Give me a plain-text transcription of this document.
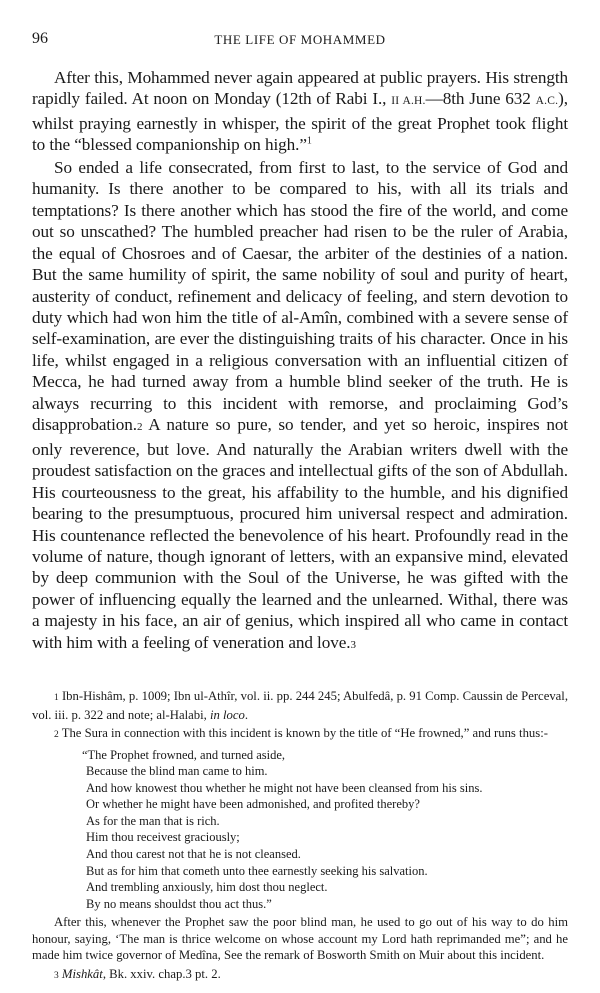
96	THE LIFE OF MOHAMMED

After this, Mohammed never again appeared at public prayers. His strength rapidly failed. At noon on Monday (12th of Rabi I., II A.H.—8th June 632 A.C.), whilst praying earnestly in whisper, the spirit of the great Prophet took flight to the “blessed companionship on high.”$^1$

So ended a life consecrated, from first to last, to the service of God and humanity. Is there another to be compared to his, with all its trials and temptations? Is there another which has stood the fire of the world, and come out so unscathed? The humbled preacher had risen to be the ruler of Arabia, the equal of Chosroes and of Caesar, the arbiter of the destinies of a nation. But the same humility of spirit, the same nobility of soul and purity of heart, austerity of conduct, refinement and delicacy of feeling, and stern devotion to duty which had won him the title of al-Amîn, combined with a severe sense of self-examination, are ever the distinguishing traits of his character. Once in his life, whilst engaged in a religious conversation with an influential citizen of Mecca, he had turned away from a humble blind seeker of the truth. He is always recurring to this incident with remorse, and proclaiming God’s disapprobation.2 A nature so pure, so tender, and yet so heroic, inspires not only reverence, but love. And naturally the Arabian writers dwell with the proudest satisfaction on the graces and intellectual gifts of the son of Abdullah. His courteousness to the great, his affability to the humble, and his dignified bearing to the presumptuous, procured him universal respect and admiration. His countenance reflected the benevolence of his heart. Profoundly read in the volume of nature, though ignorant of letters, with an expansive mind, elevated by deep communion with the Soul of the Universe, he was gifted with the power of influencing equally the learned and the unlearned. Withal, there was a majesty in his face, an air of genius, which inspired all who came in contact with him with a feeling of veneration and love.3

1 Ibn-Hishâm, p. 1009; Ibn ul-Athîr, vol. ii. pp. 244 245; Abulfedâ, p. 91 Comp. Caussin de Perceval, vol. iii. p. 322 and note; al-Halabi, in loco.

2 The Sura in connection with this incident is known by the title of “He frowned,” and runs thus:-

“The Prophet frowned, and turned aside,
Because the blind man came to him.
And how knowest thou whether he might not have been cleansed from his sins.
Or whether he might have been admonished, and profited thereby?
As for the man that is rich.
Him thou receivest graciously;
And thou carest not that he is not cleansed.
But as for him that cometh unto thee earnestly seeking his salvation.
And trembling anxiously, him dost thou neglect.
By no means shouldst thou act thus.”

After this, whenever the Prophet saw the poor blind man, he used to go out of his way to do him honour, saying, ‘The man is thrice welcome on whose account my Lord hath reprimanded me”; and he made him twice governor of Medîna, See the remark of Bosworth Smith on Muir about this incident.

3 Mishkât, Bk. xxiv. chap.3 pt. 2.
